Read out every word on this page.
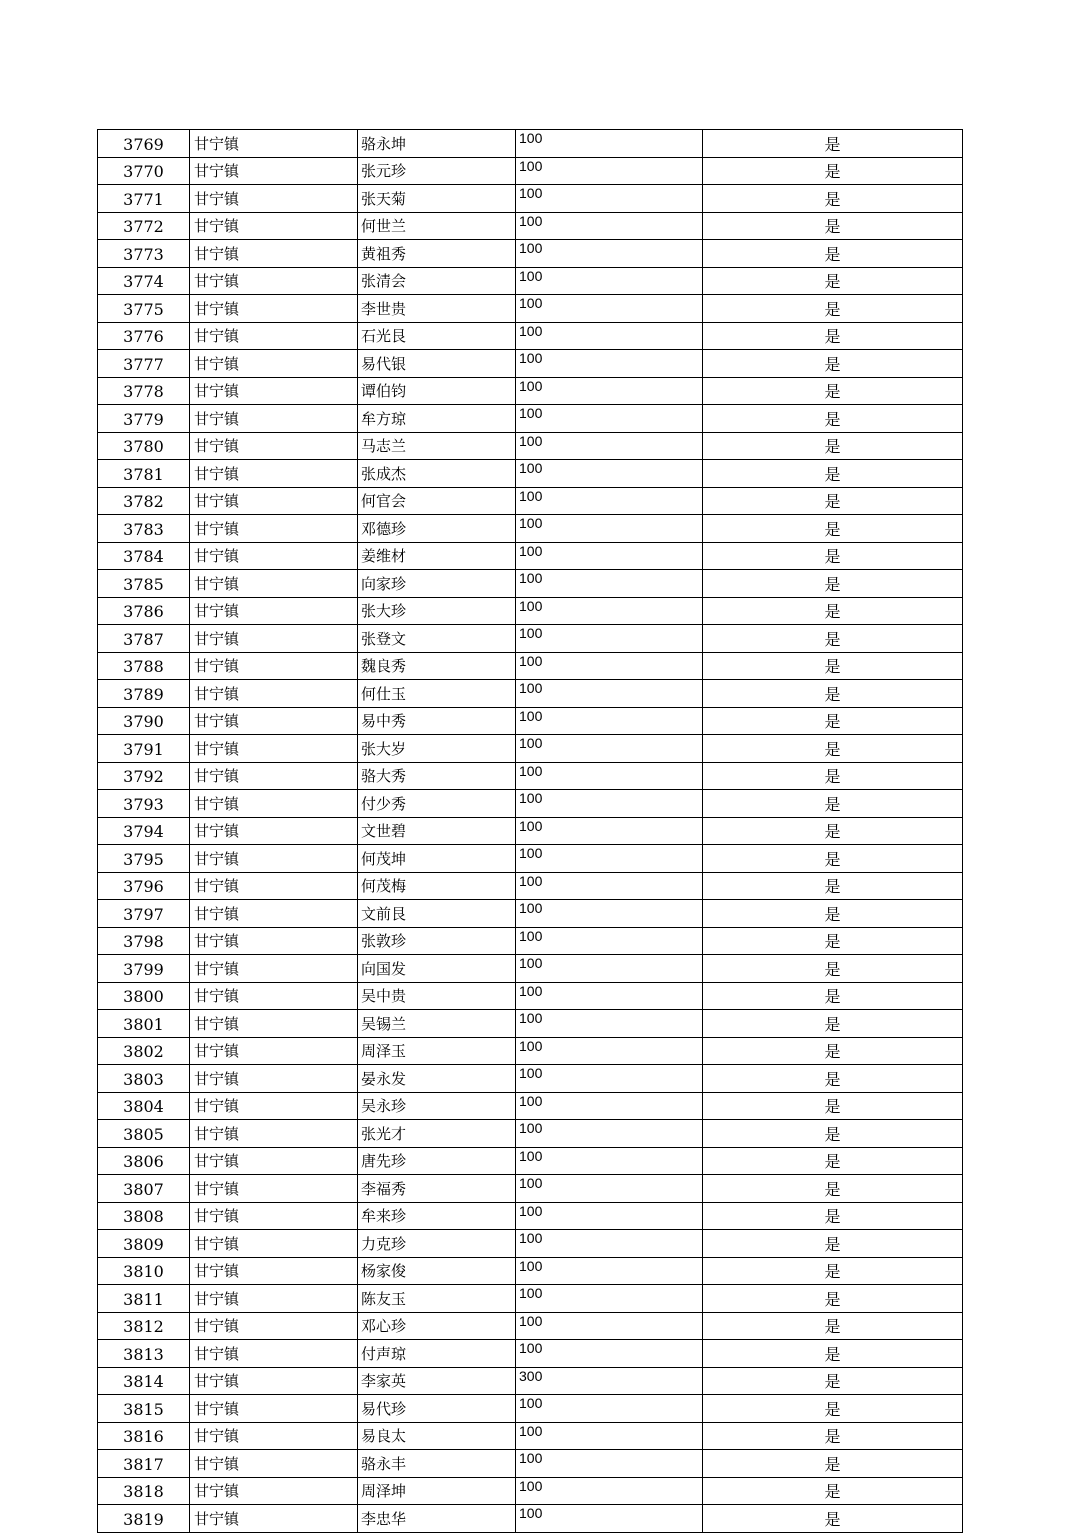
3769	甘宁镇	骆永坤	100	是
3770	甘宁镇	张元珍	100	是
3771	甘宁镇	张天菊	100	是
3772	甘宁镇	何世兰	100	是
3773	甘宁镇	黄祖秀	100	是
3774	甘宁镇	张清会	100	是
3775	甘宁镇	李世贵	100	是
3776	甘宁镇	石光艮	100	是
3777	甘宁镇	易代银	100	是
3778	甘宁镇	谭伯钧	100	是
3779	甘宁镇	牟方琼	100	是
3780	甘宁镇	马志兰	100	是
3781	甘宁镇	张成杰	100	是
3782	甘宁镇	何官会	100	是
3783	甘宁镇	邓德珍	100	是
3784	甘宁镇	姜维材	100	是
3785	甘宁镇	向家珍	100	是
3786	甘宁镇	张大珍	100	是
3787	甘宁镇	张登文	100	是
3788	甘宁镇	魏良秀	100	是
3789	甘宁镇	何仕玉	100	是
3790	甘宁镇	易中秀	100	是
3791	甘宁镇	张大岁	100	是
3792	甘宁镇	骆大秀	100	是
3793	甘宁镇	付少秀	100	是
3794	甘宁镇	文世碧	100	是
3795	甘宁镇	何茂坤	100	是
3796	甘宁镇	何茂梅	100	是
3797	甘宁镇	文前艮	100	是
3798	甘宁镇	张敦珍	100	是
3799	甘宁镇	向国发	100	是
3800	甘宁镇	吴中贵	100	是
3801	甘宁镇	吴锡兰	100	是
3802	甘宁镇	周泽玉	100	是
3803	甘宁镇	晏永发	100	是
3804	甘宁镇	吴永珍	100	是
3805	甘宁镇	张光才	100	是
3806	甘宁镇	唐先珍	100	是
3807	甘宁镇	李福秀	100	是
3808	甘宁镇	牟来珍	100	是
3809	甘宁镇	力克珍	100	是
3810	甘宁镇	杨家俊	100	是
3811	甘宁镇	陈友玉	100	是
3812	甘宁镇	邓心珍	100	是
3813	甘宁镇	付声琼	100	是
3814	甘宁镇	李家英	300	是
3815	甘宁镇	易代珍	100	是
3816	甘宁镇	易良太	100	是
3817	甘宁镇	骆永丰	100	是
3818	甘宁镇	周泽坤	100	是
3819	甘宁镇	李忠华	100	是
